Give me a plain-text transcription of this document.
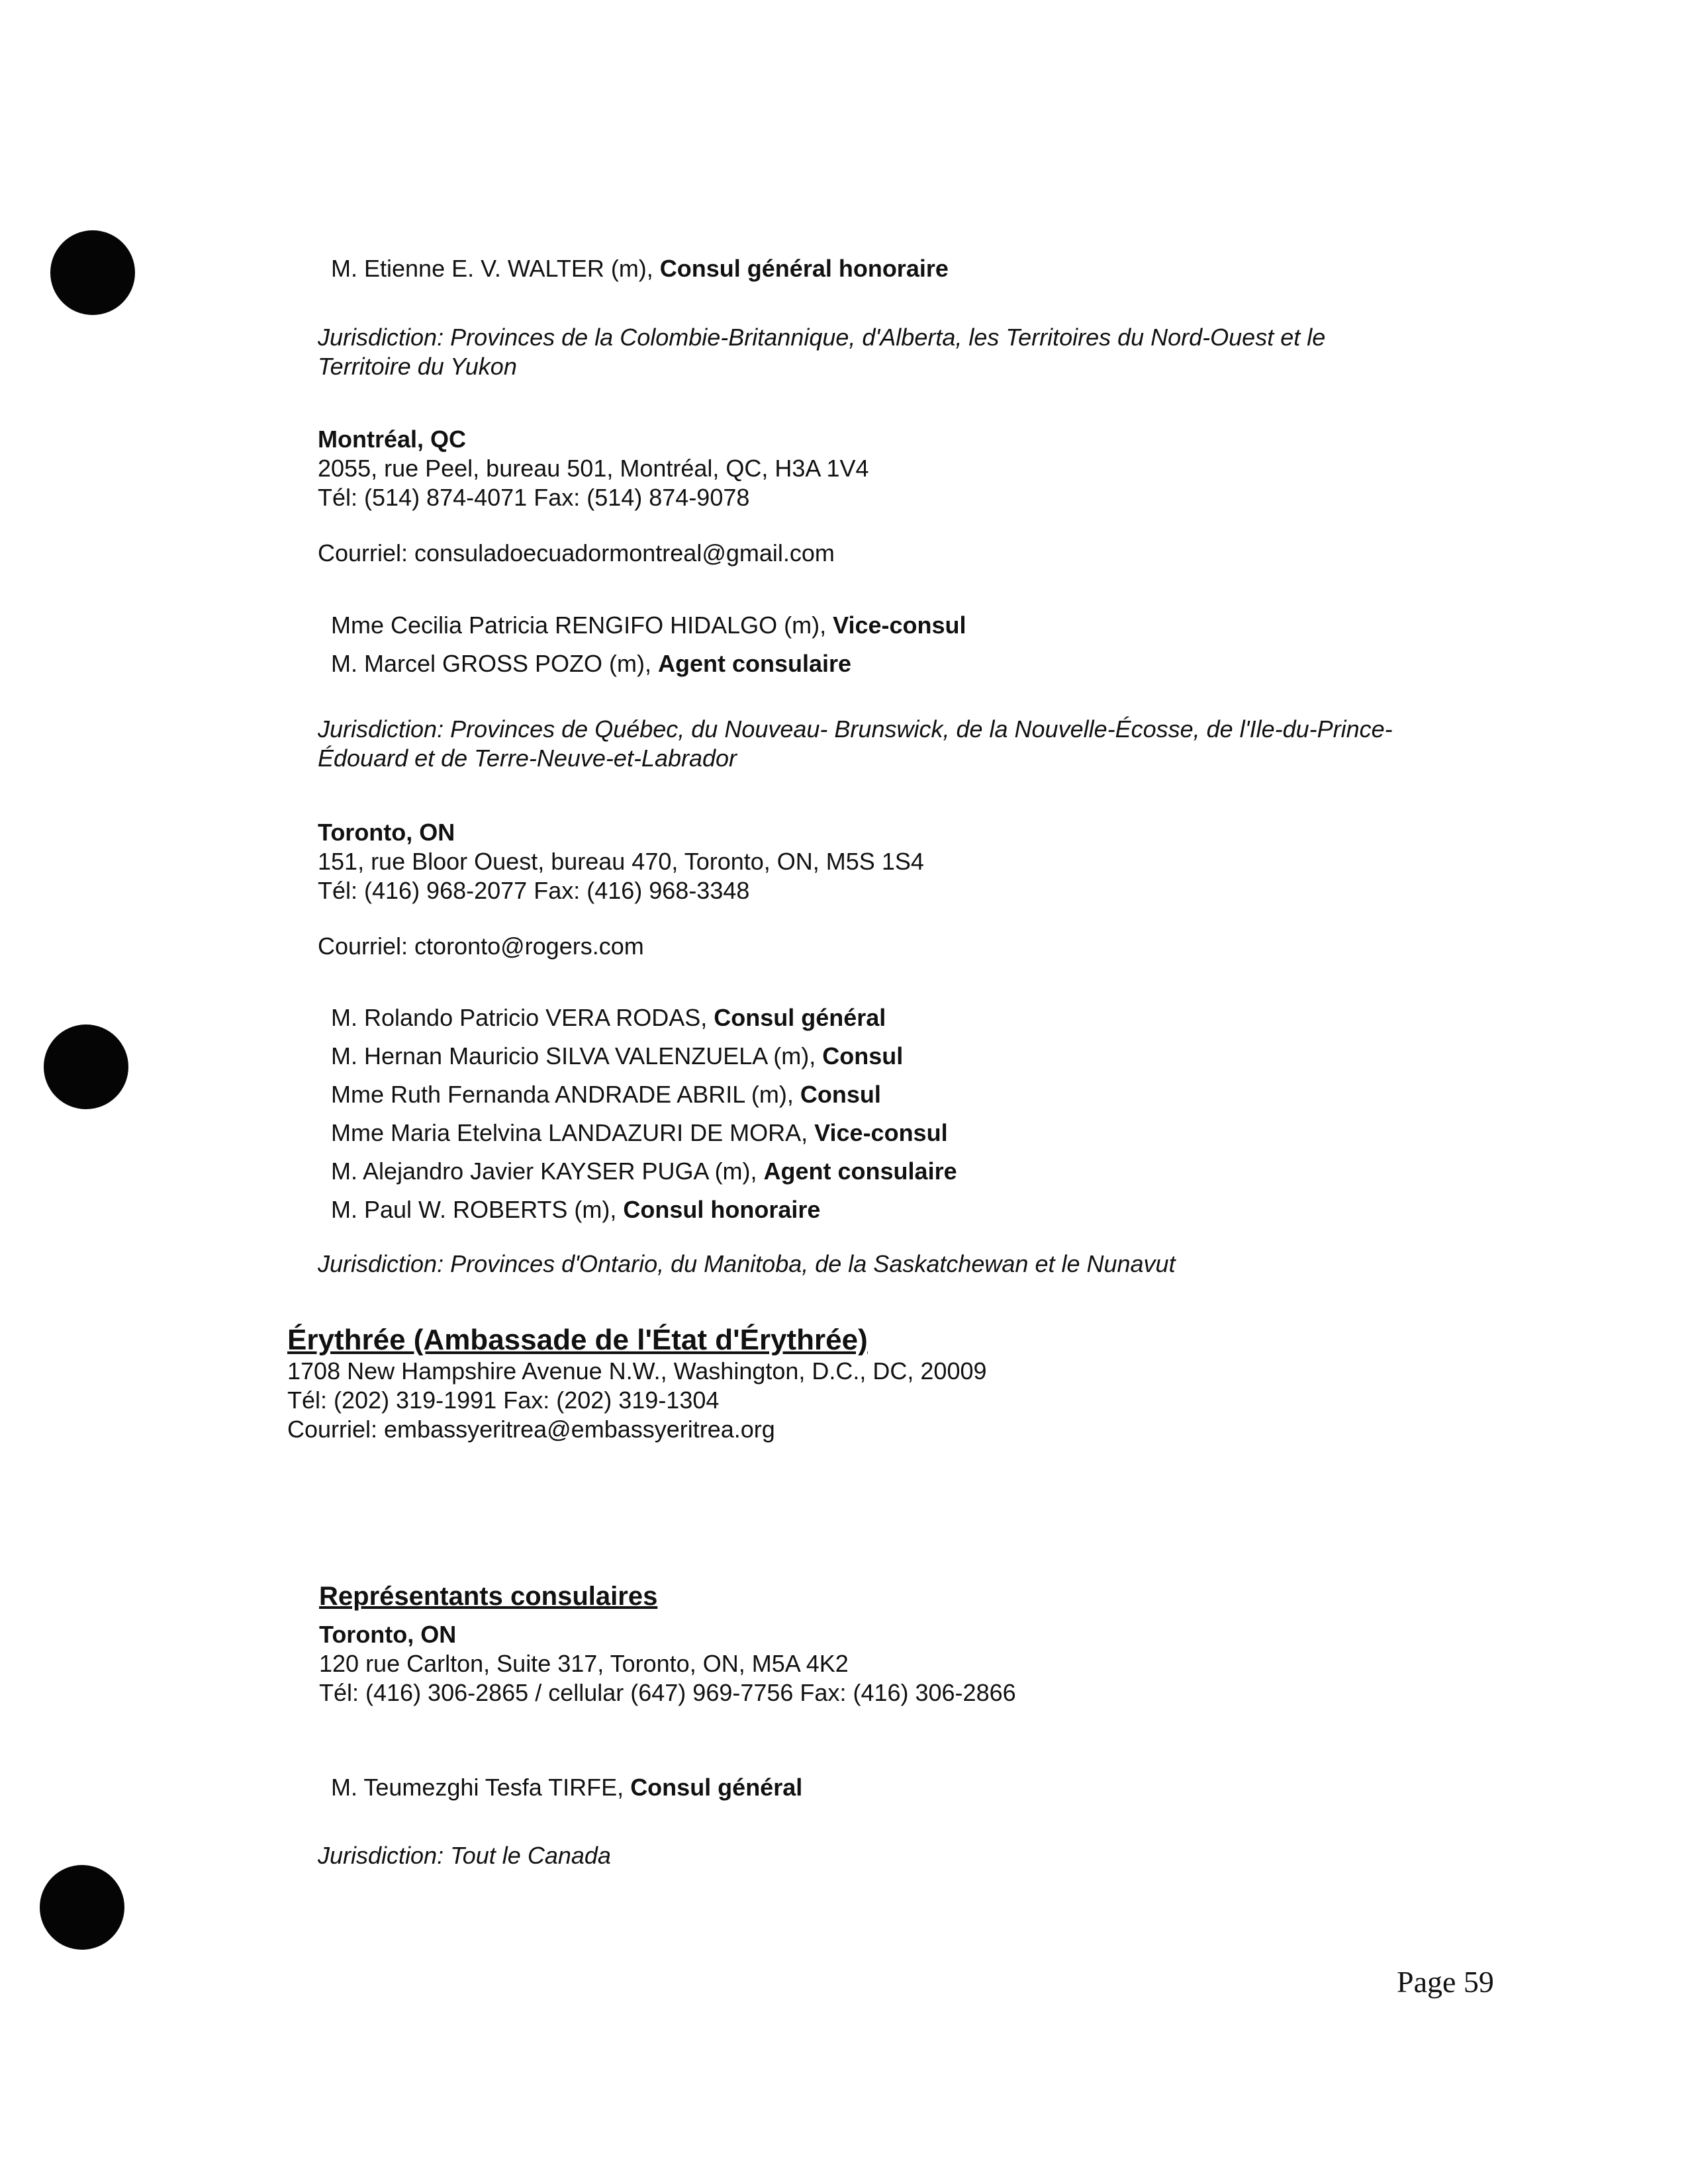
M. Etienne E. V. WALTER (m), Consul général honoraire
Jurisdiction: Provinces de la Colombie-Britannique, d'Alberta, les Territoires du Nord-Ouest et le Territoire du Yukon
Montréal, QC
2055, rue Peel, bureau 501, Montréal, QC, H3A 1V4
Tél: (514) 874-4071 Fax: (514) 874-9078
Courriel: consuladoecuadormontreal@gmail.com
Mme Cecilia Patricia RENGIFO HIDALGO (m), Vice-consul
M. Marcel GROSS POZO (m), Agent consulaire
Jurisdiction: Provinces de Québec, du Nouveau- Brunswick, de la Nouvelle-Écosse, de l'Ile-du-Prince-Édouard et de Terre-Neuve-et-Labrador
Toronto, ON
151, rue Bloor Ouest, bureau 470, Toronto, ON, M5S 1S4
Tél: (416) 968-2077 Fax: (416) 968-3348
Courriel: ctoronto@rogers.com
M. Rolando Patricio VERA RODAS, Consul général
M. Hernan Mauricio SILVA VALENZUELA (m), Consul
Mme Ruth Fernanda ANDRADE ABRIL (m), Consul
Mme Maria Etelvina LANDAZURI DE MORA, Vice-consul
M. Alejandro Javier KAYSER PUGA (m), Agent consulaire
M. Paul W. ROBERTS (m), Consul honoraire
Jurisdiction: Provinces d'Ontario, du Manitoba, de la Saskatchewan et le Nunavut
Érythrée (Ambassade de l'État d'Érythrée)
1708 New Hampshire Avenue N.W., Washington, D.C., DC, 20009
Tél: (202) 319-1991 Fax: (202) 319-1304
Courriel: embassyeritrea@embassyeritrea.org
Représentants consulaires
Toronto, ON
120 rue Carlton, Suite 317, Toronto, ON, M5A 4K2
Tél: (416) 306-2865 / cellular (647) 969-7756 Fax: (416) 306-2866
M. Teumezghi Tesfa TIRFE, Consul général
Jurisdiction: Tout le Canada
Page 59
